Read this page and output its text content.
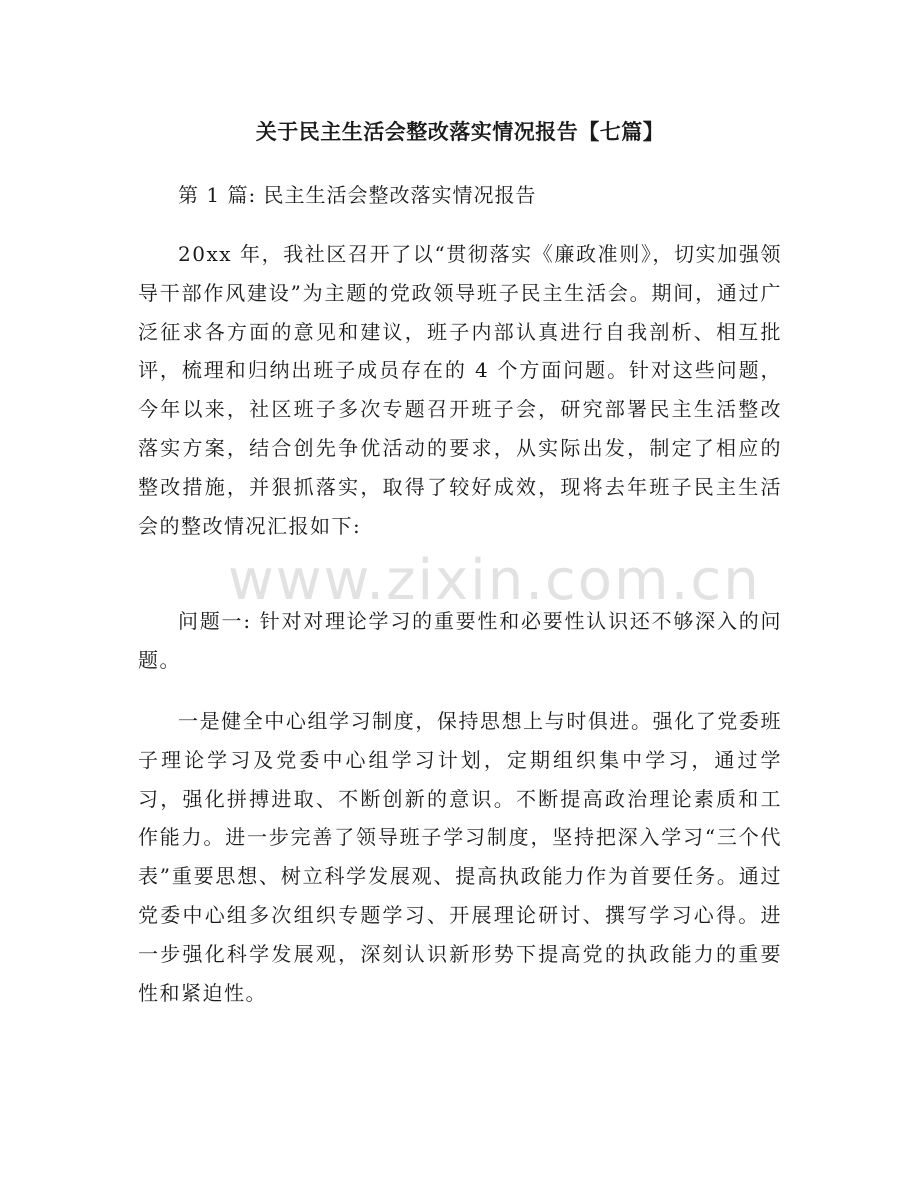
关于民主生活会整改落实情况报告【七篇】
第 1 篇: 民主生活会整改落实情况报告

20xx 年，我社区召开了以“贯彻落实《廉政准则》，切实加强领导干部作风建设”为主题的党政领导班子民主生活会。期间，通过广泛征求各方面的意见和建议，班子内部认真进行自我剖析、相互批评，梳理和归纳出班子成员存在的 4 个方面问题。针对这些问题，今年以来，社区班子多次专题召开班子会，研究部署民主生活整改落实方案，结合创先争优活动的要求，从实际出发，制定了相应的整改措施，并狠抓落实，取得了较好成效，现将去年班子民主生活会的整改情况汇报如下:

问题一: 针对对理论学习的重要性和必要性认识还不够深入的问题。

一是健全中心组学习制度，保持思想上与时俱进。强化了党委班子理论学习及党委中心组学习计划，定期组织集中学习，通过学习，强化拼搏进取、不断创新的意识。不断提高政治理论素质和工作能力。进一步完善了领导班子学习制度，坚持把深入学习“三个代表”重要思想、树立科学发展观、提高执政能力作为首要任务。通过党委中心组多次组织专题学习、开展理论研讨、撰写学习心得。进一步强化科学发展观，深刻认识新形势下提高党的执政能力的重要性和紧迫性。

www.zixin.com.cn
